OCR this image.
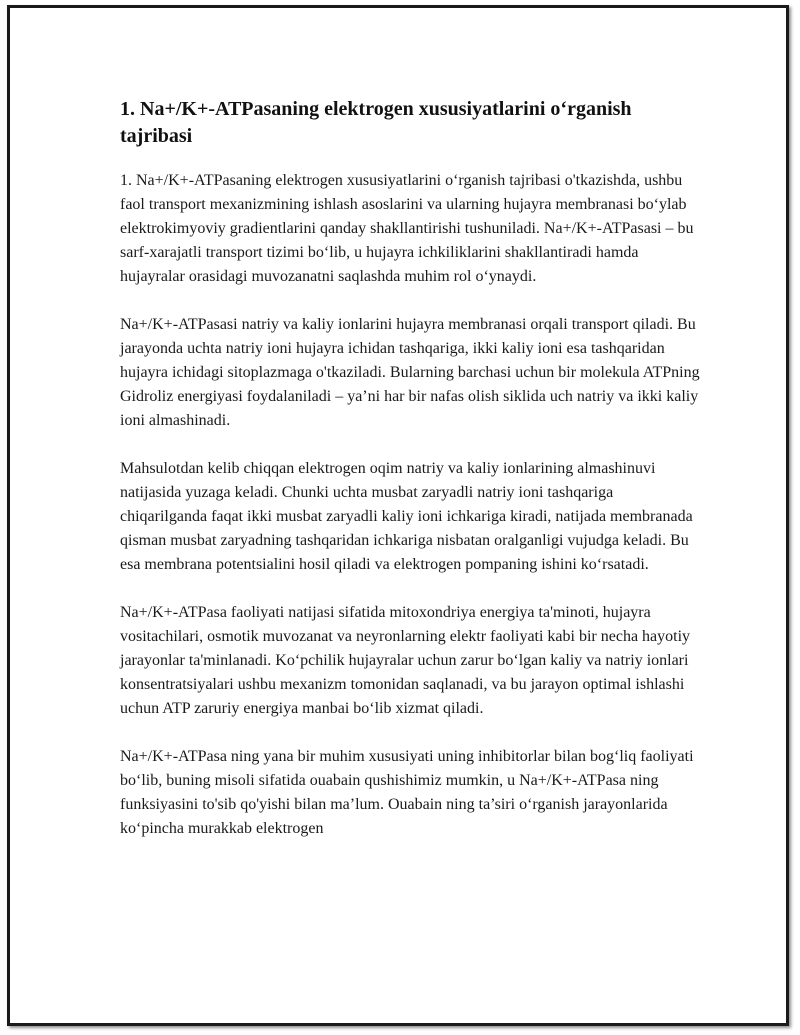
1. Na+/K+-ATPasaning elektrogen xususiyatlarini o‘rganish tajribasi

1. Na+/K+-ATPasaning elektrogen xususiyatlarini o‘rganish tajribasi o'tkazishda, ushbu faol transport mexanizmining ishlash asoslarini va ularning hujayra membranasi bo‘ylab elektrokimyoviy gradientlarini qanday shakllantirishi tushuniladi. Na+/K+-ATPasasi – bu sarf-xarajatli transport tizimi bo‘lib, u hujayra ichkiliklarini shakllantiradi hamda hujayralar orasidagi muvozanatni saqlashda muhim rol o‘ynaydi.

Na+/K+-ATPasasi natriy va kaliy ionlarini hujayra membranasi orqali transport qiladi. Bu jarayonda uchta natriy ioni hujayra ichidan tashqariga, ikki kaliy ioni esa tashqaridan hujayra ichidagi sitoplazmaga o'tkaziladi. Bularning barchasi uchun bir molekula ATPning Gidroliz energiyasi foydalaniladi – ya’ni har bir nafas olish siklida uch natriy va ikki kaliy ioni almashinadi.

Mahsulotdan kelib chiqqan elektrogen oqim natriy va kaliy ionlarining almashinuvi natijasida yuzaga keladi. Chunki uchta musbat zaryadli natriy ioni tashqariga chiqarilganda faqat ikki musbat zaryadli kaliy ioni ichkariga kiradi, natijada membranada qisman musbat zaryadning tashqaridan ichkariga nisbatan oralganligi vujudga keladi. Bu esa membrana potentsialini hosil qiladi va elektrogen pompaning ishini ko‘rsatadi.

Na+/K+-ATPasa faoliyati natijasi sifatida mitoxondriya energiya ta'minoti, hujayra vositachilari, osmotik muvozanat va neyronlarning elektr faoliyati kabi bir necha hayotiy jarayonlar ta'minlanadi. Ko‘pchilik hujayralar uchun zarur bo‘lgan kaliy va natriy ionlari konsentratsiyalari ushbu mexanizm tomonidan saqlanadi, va bu jarayon optimal ishlashi uchun ATP zaruriy energiya manbai bo‘lib xizmat qiladi.

Na+/K+-ATPasa ning yana bir muhim xususiyati uning inhibitorlar bilan bog‘liq faoliyati bo‘lib, buning misoli sifatida ouabain qushishimiz mumkin, u Na+/K+-ATPasa ning funksiyasini to'sib qo'yishi bilan ma’lum. Ouabain ning ta’siri o‘rganish jarayonlarida ko‘pincha murakkab elektrogen
